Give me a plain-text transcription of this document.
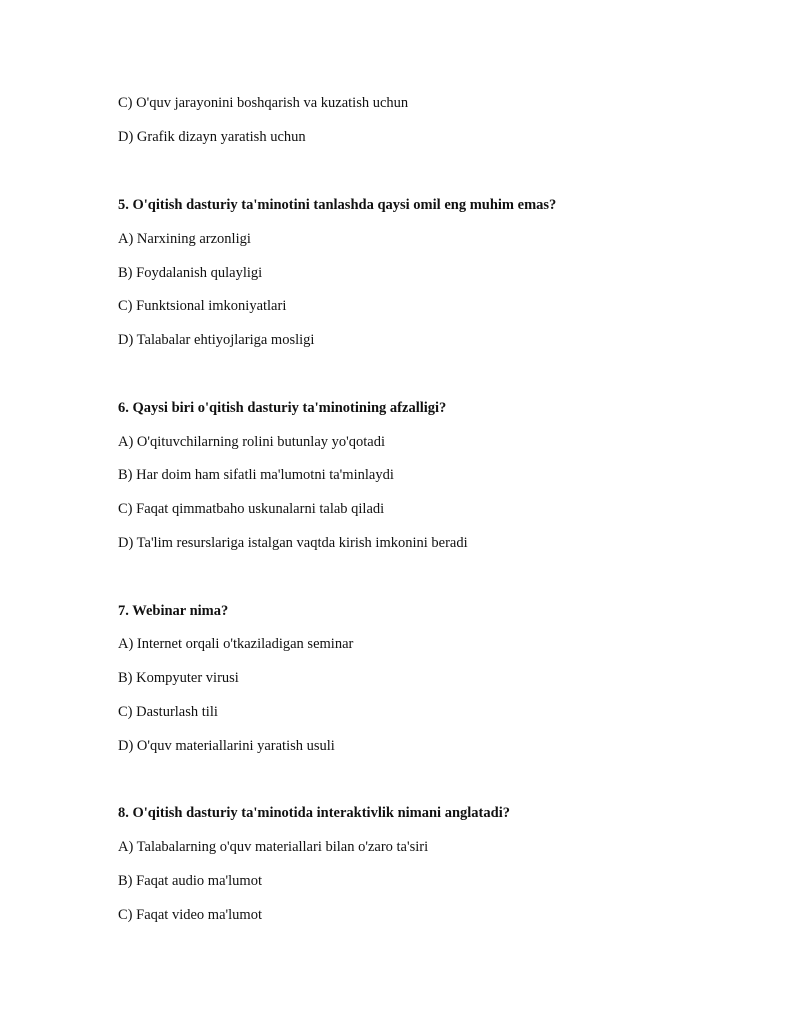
C) O'quv jarayonini boshqarish va kuzatish uchun
D) Grafik dizayn yaratish uchun
5. O'qitish dasturiy ta'minotini tanlashda qaysi omil eng muhim emas?
A) Narxining arzonligi
B) Foydalanish qulayligi
C) Funktsional imkoniyatlari
D) Talabalar ehtiyojlariga mosligi
6. Qaysi biri o'qitish dasturiy ta'minotining afzalligi?
A) O'qituvchilarning rolini butunlay yo'qotadi
B) Har doim ham sifatli ma'lumotni ta'minlaydi
C) Faqat qimmatbaho uskunalarni talab qiladi
D) Ta'lim resurslariga istalgan vaqtda kirish imkonini beradi
7. Webinar nima?
A) Internet orqali o'tkaziladigan seminar
B) Kompyuter virusi
C) Dasturlash tili
D) O'quv materiallarini yaratish usuli
8. O'qitish dasturiy ta'minotida interaktivlik nimani anglatadi?
A) Talabalarning o'quv materiallari bilan o'zaro ta'siri
B) Faqat audio ma'lumot
C) Faqat video ma'lumot
